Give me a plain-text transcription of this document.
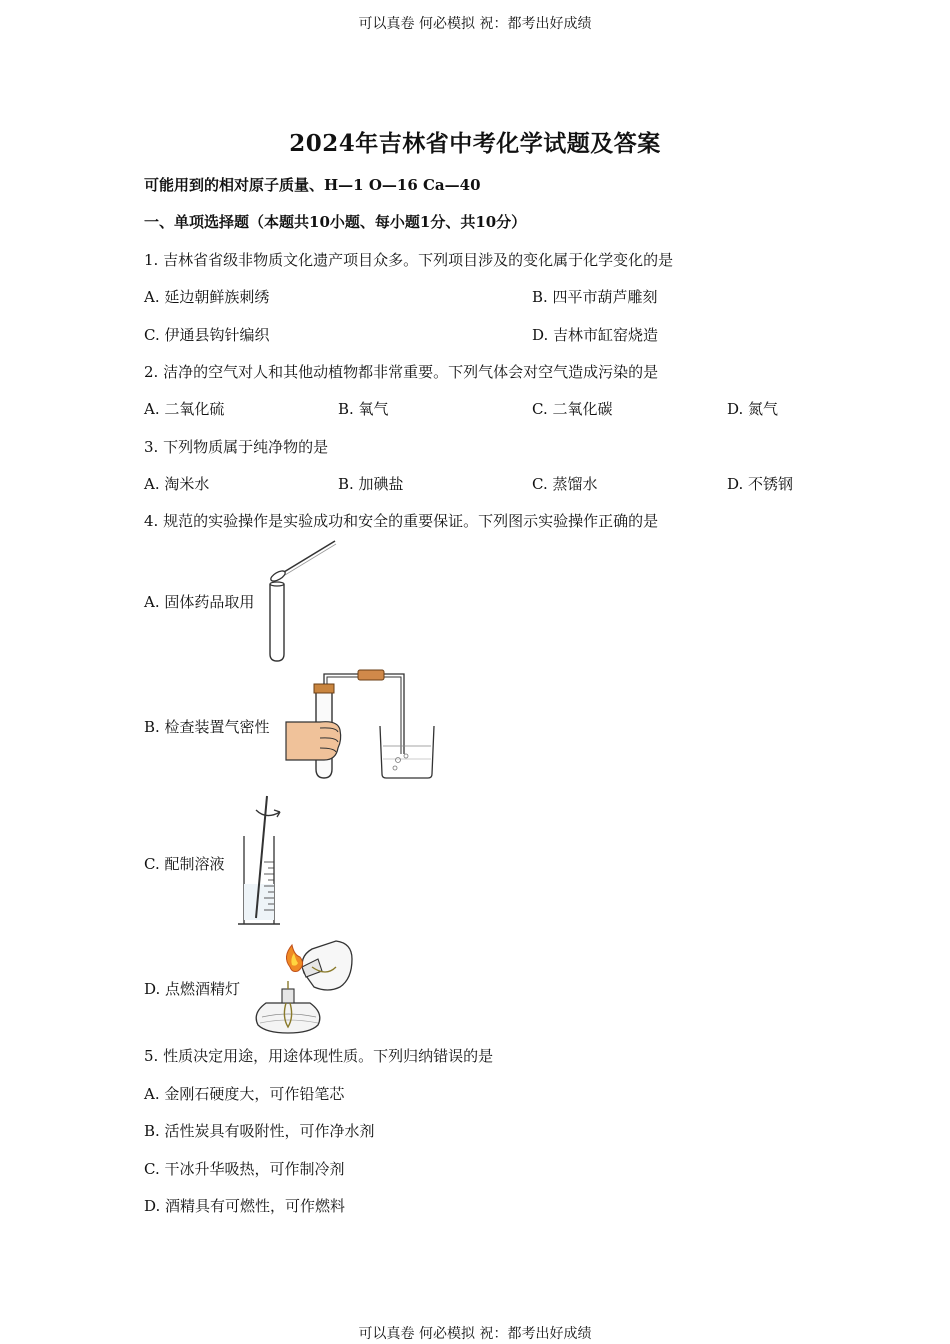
可以真卷 何必模拟 祝：都考出好成绩
2024年吉林省中考化学试题及答案
可能用到的相对原子质量、H—1 O—16 Ca—40
一、单项选择题（本题共10小题、每小题1分、共10分）
1. 吉林省省级非物质文化遗产项目众多。下列项目涉及的变化属于化学变化的是
A. 延边朝鲜族刺绣	B. 四平市葫芦雕刻
C. 伊通县钩针编织	D. 吉林市缸窑烧造
2. 洁净的空气对人和其他动植物都非常重要。下列气体会对空气造成污染的是
A. 二氧化硫	B. 氧气	C. 二氧化碳	D. 氮气
3. 下列物质属于纯净物的是
A. 淘米水	B. 加碘盐	C. 蒸馏水	D. 不锈钢
4. 规范的实验操作是实验成功和安全的重要保证。下列图示实验操作正确的是
A. 固体药品取用
B. 检查装置气密性
C. 配制溶液
D. 点燃酒精灯
5. 性质决定用途，用途体现性质。下列归纳错误的是
A. 金刚石硬度大，可作铅笔芯
B. 活性炭具有吸附性，可作净水剂
C. 干冰升华吸热，可作制冷剂
D. 酒精具有可燃性，可作燃料
可以真卷 何必模拟 祝：都考出好成绩
